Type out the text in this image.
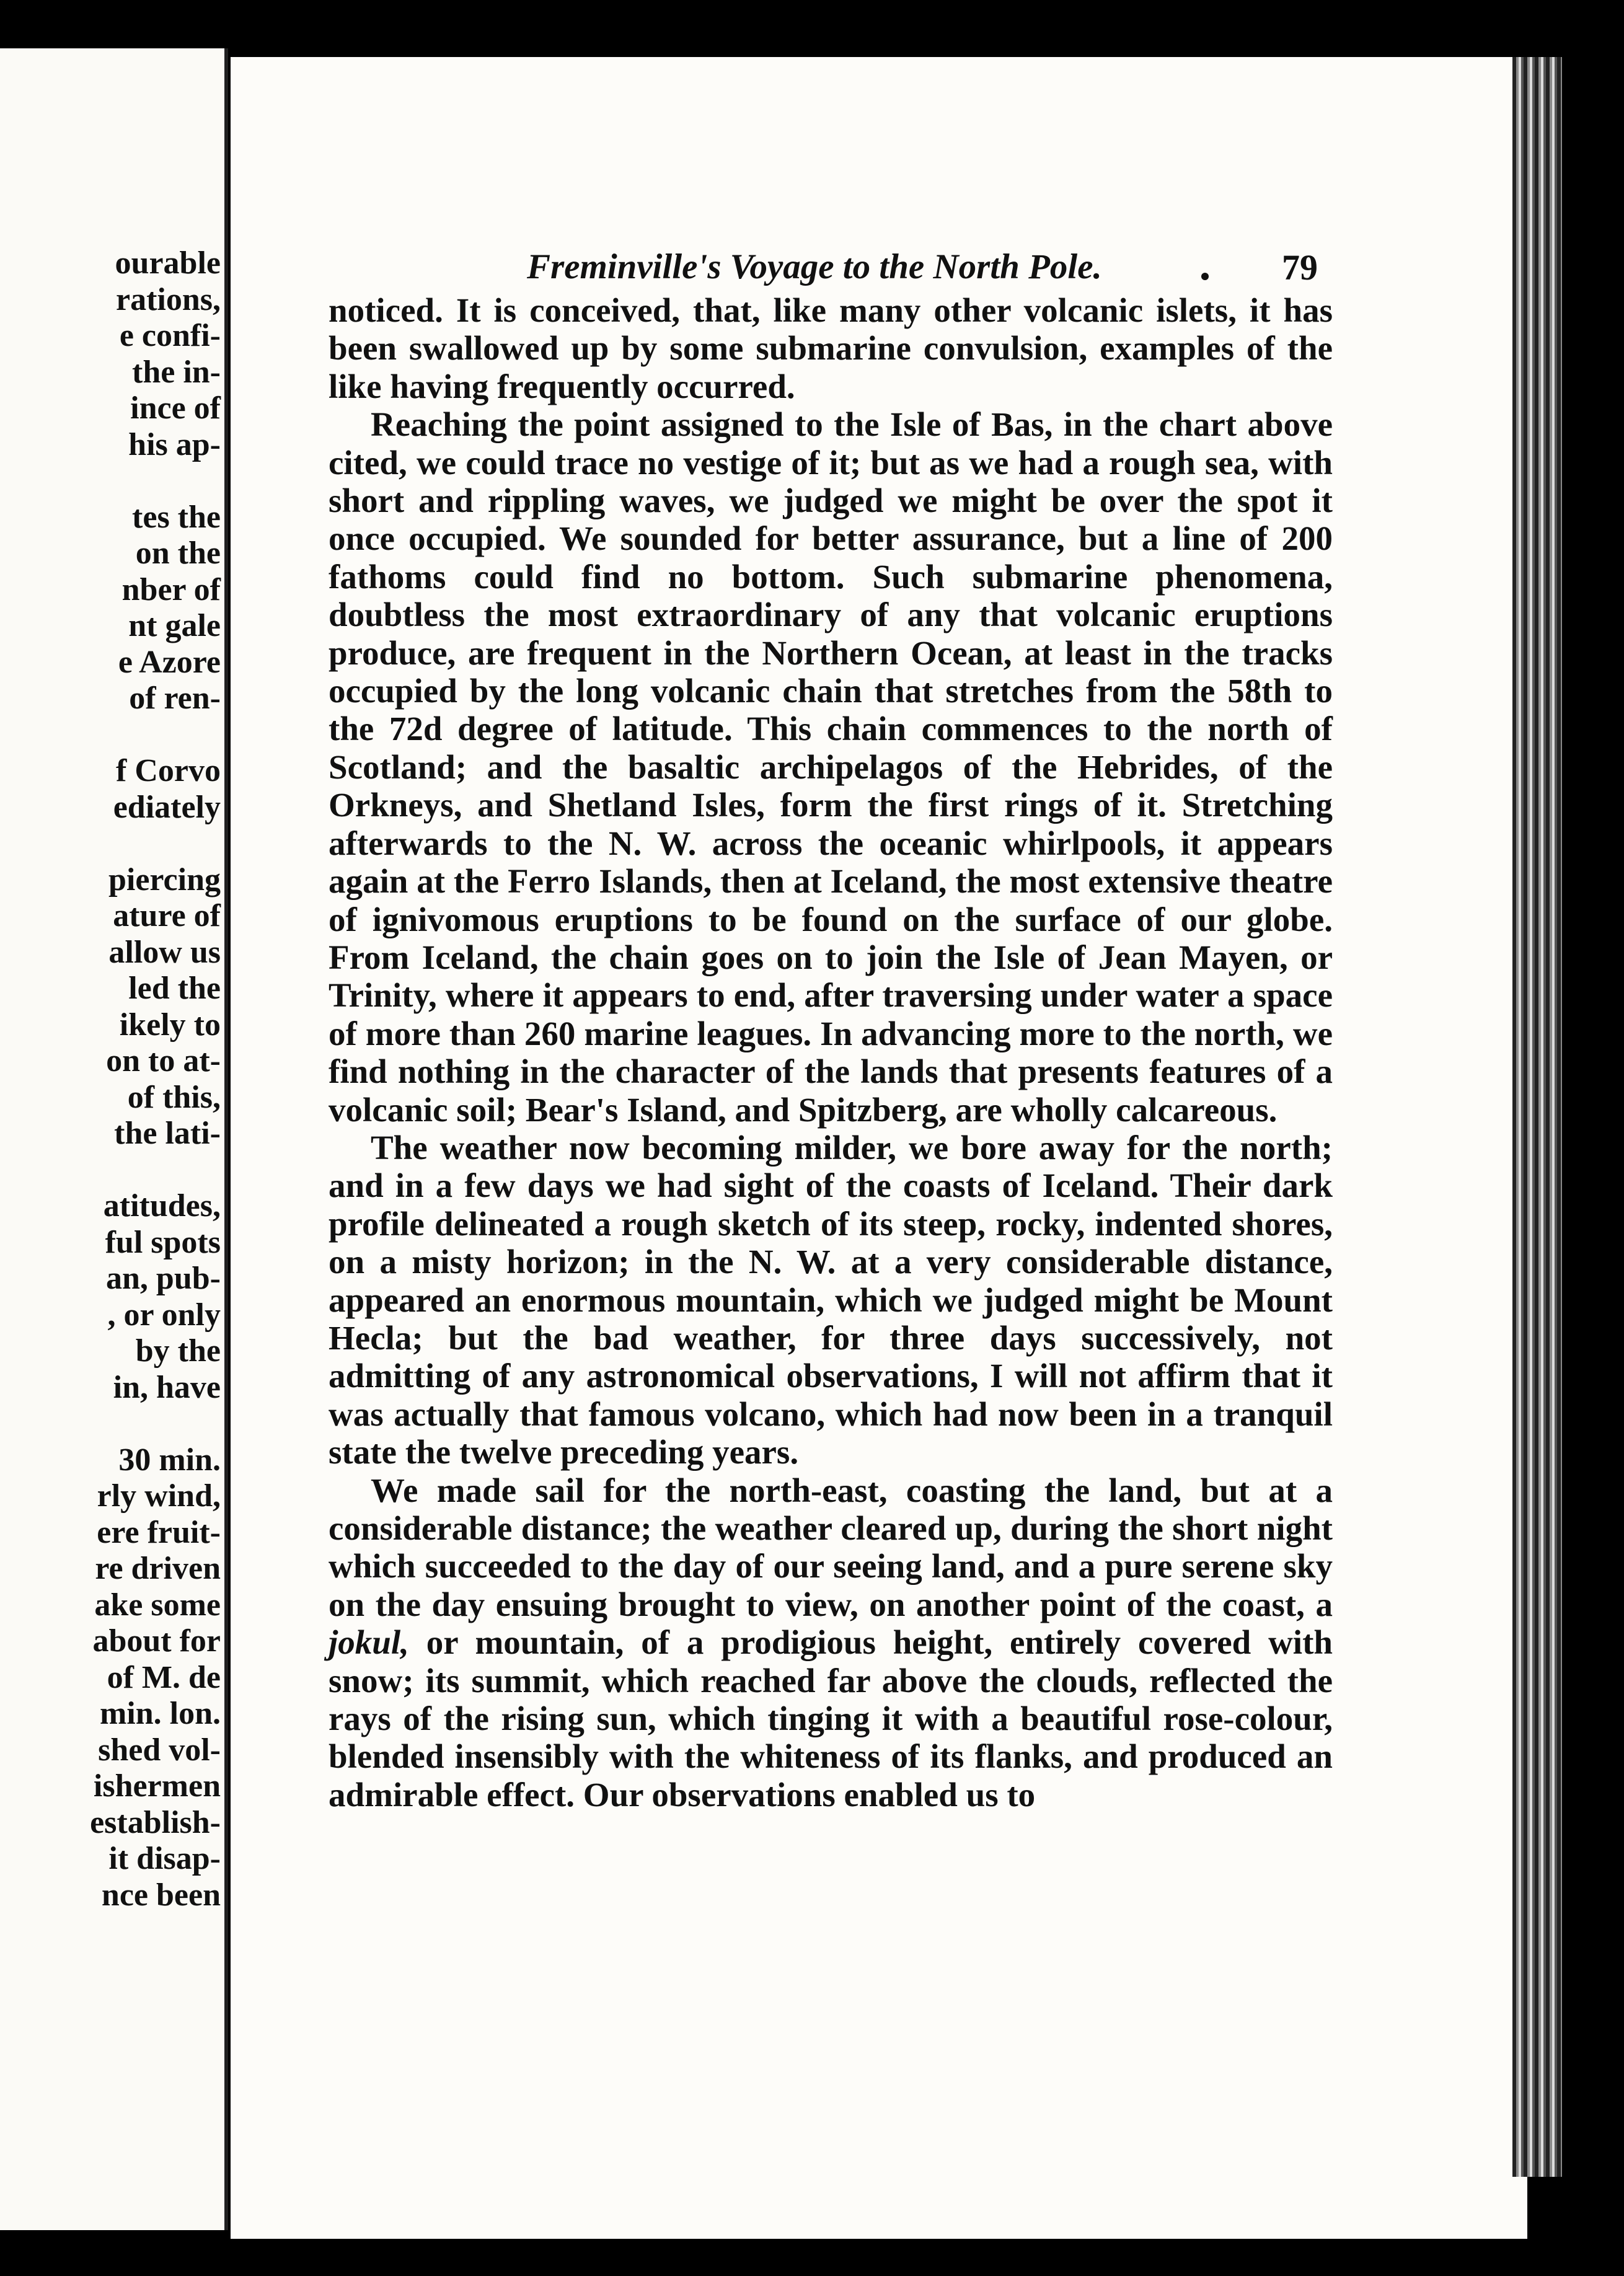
ourable
rations,
e confi-
the in-
ince of
his ap-
tes the
on the
nber of
nt gale
e Azore
of ren-
f Corvo
ediately
piercing
ature of
allow us
led the
ikely to
on to at-
of this,
the lati-
atitudes,
ful spots
an, pub-
, or only
by the
in, have
30 min.
rly wind,
ere fruit-
re driven
ake some
about for
of M. de
min. lon.
shed vol-
ishermen
establish-
it disap-
nce been
Freminville's Voyage to the North Pole.	79

noticed. It is conceived, that, like many other volcanic islets, it has been swallowed up by some submarine convulsion, examples of the like having frequently occurred.

Reaching the point assigned to the Isle of Bas, in the chart above cited, we could trace no vestige of it; but as we had a rough sea, with short and rippling waves, we judged we might be over the spot it once occupied. We sounded for better assurance, but a line of 200 fathoms could find no bottom. Such submarine phenomena, doubtless the most extraordinary of any that volcanic eruptions produce, are frequent in the Northern Ocean, at least in the tracks occupied by the long volcanic chain that stretches from the 58th to the 72d degree of latitude. This chain commences to the north of Scotland; and the basaltic archipelagos of the Hebrides, of the Orkneys, and Shetland Isles, form the first rings of it. Stretching afterwards to the N. W. across the oceanic whirlpools, it appears again at the Ferro Islands, then at Iceland, the most extensive theatre of ignivomous eruptions to be found on the surface of our globe. From Iceland, the chain goes on to join the Isle of Jean Mayen, or Trinity, where it appears to end, after traversing under water a space of more than 260 marine leagues. In advancing more to the north, we find nothing in the character of the lands that presents features of a volcanic soil; Bear's Island, and Spitzberg, are wholly calcareous.

The weather now becoming milder, we bore away for the north; and in a few days we had sight of the coasts of Iceland. Their dark profile delineated a rough sketch of its steep, rocky, indented shores, on a misty horizon; in the N. W. at a very considerable distance, appeared an enormous mountain, which we judged might be Mount Hecla; but the bad weather, for three days successively, not admitting of any astronomical observations, I will not affirm that it was actually that famous volcano, which had now been in a tranquil state the twelve preceding years.

We made sail for the north-east, coasting the land, but at a considerable distance; the weather cleared up, during the short night which succeeded to the day of our seeing land, and a pure serene sky on the day ensuing brought to view, on another point of the coast, a jokul, or mountain, of a prodigious height, entirely covered with snow; its summit, which reached far above the clouds, reflected the rays of the rising sun, which tinging it with a beautiful rose-colour, blended insensibly with the whiteness of its flanks, and produced an admirable effect. Our observations enabled us to
